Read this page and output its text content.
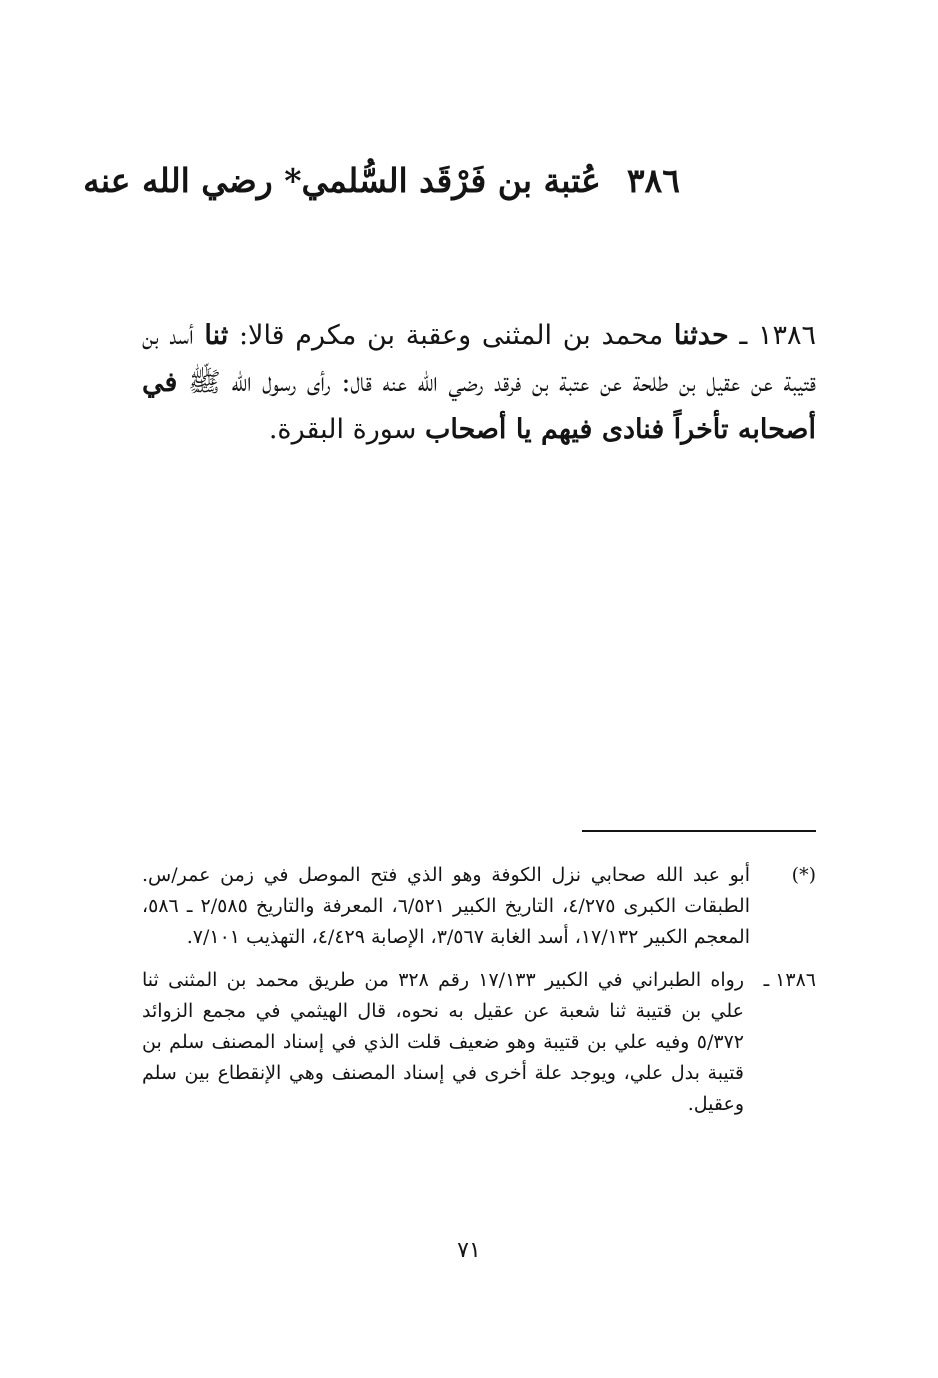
٣٨٦عُتبة بن فَرْقَد السُّلمي* رضي الله عنه
١٣٨٦ ـ حدثنا محمد بن المثنى وعقبة بن مكرم قالا: ثنا أسد بن قتيبة عن عقيل بن طلحة عن عتبة بن فرقد رضي الله عنه قال: رأى رسول الله ﷺ في أصحابه تأخراً فنادى فيهم يا أصحاب سورة البقرة.
(*)
أبو عبد الله صحابي نزل الكوفة وهو الذي فتح الموصل في زمن عمر/س. الطبقات الكبرى ٤/٢٧٥، التاريخ الكبير ٦/٥٢١، المعرفة والتاريخ ٢/٥٨٥ ـ ٥٨٦، المعجم الكبير ١٧/١٣٢، أسد الغابة ٣/٥٦٧، الإصابة ٤/٤٢٩، التهذيب ٧/١٠١.
١٣٨٦ ـ
رواه الطبراني في الكبير ١٧/١٣٣ رقم ٣٢٨ من طريق محمد بن المثنى ثنا علي بن قتيبة ثنا شعبة عن عقيل به نحوه، قال الهيثمي في مجمع الزوائد ٥/٣٧٢ وفيه علي بن قتيبة وهو ضعيف قلت الذي في إسناد المصنف سلم بن قتيبة بدل علي، ويوجد علة أخرى في إسناد المصنف وهي الإنقطاع بين سلم وعقيل.
٧١
